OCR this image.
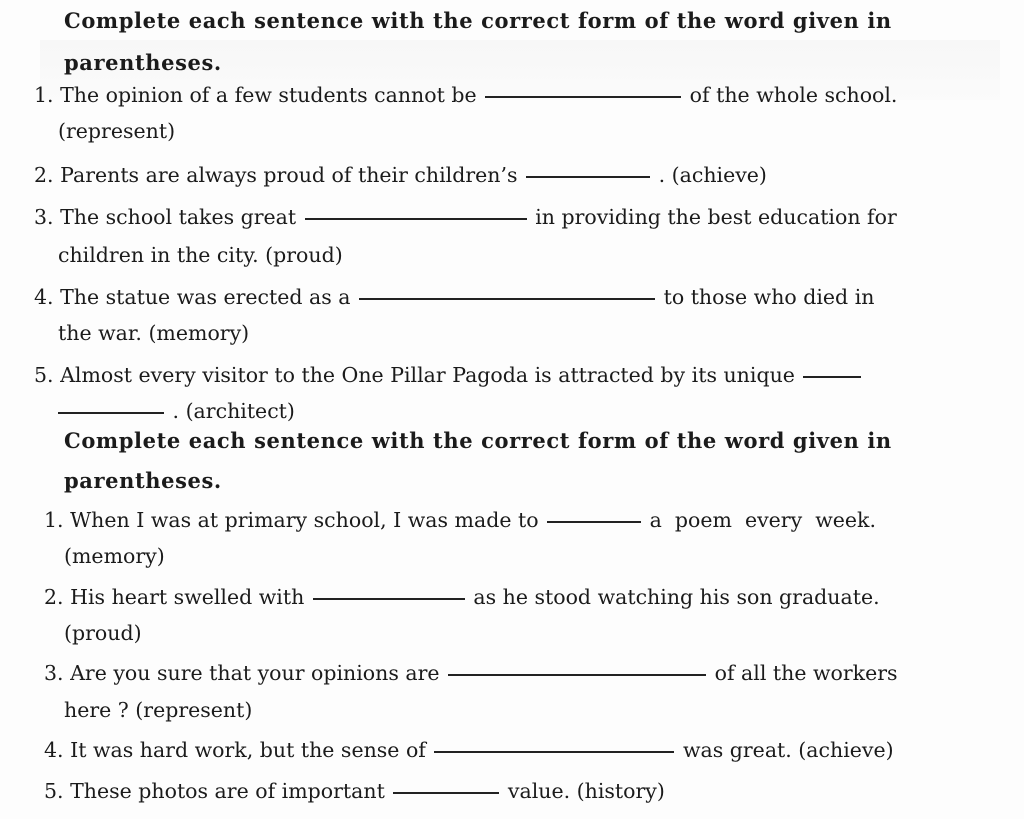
Complete each sentence with the correct form of the word given in
parentheses.
1. The opinion of a few students cannot be	of the whole school.
(represent)
2. Parents are always proud of their children’s	. (achieve)
3. The school takes great	in providing the best education for
children in the city. (proud)
4. The statue was erected as a	to those who died in
the war. (memory)
5. Almost every visitor to the One Pillar Pagoda is attracted by its unique
. (architect)
Complete each sentence with the correct form of the word given in
parentheses.
1. When I was at primary school, I was made to	a  poem  every  week.
(memory)
2. His heart swelled with	as he stood watching his son graduate.
(proud)
3. Are you sure that your opinions are	of all the workers
here ? (represent)
4. It was hard work, but the sense of	was great. (achieve)
5. These photos are of important	value. (history)
